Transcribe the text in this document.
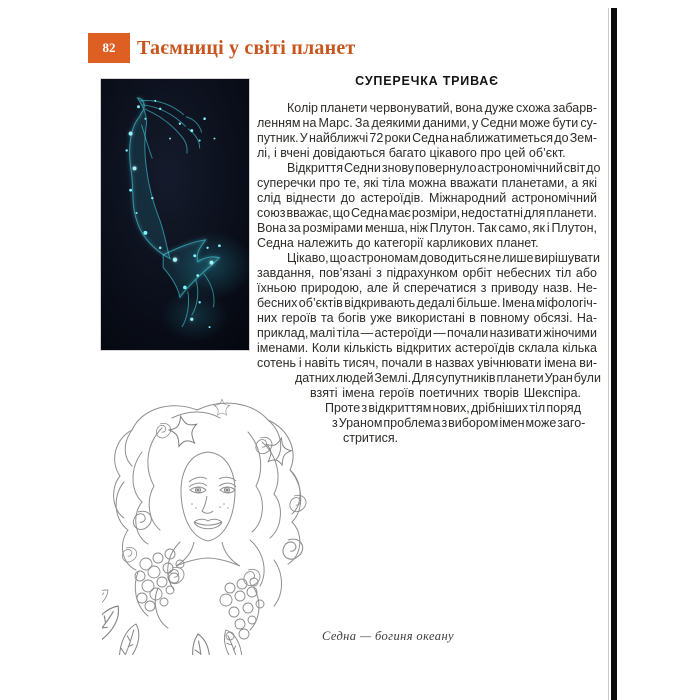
82 Таємниці у світі планет
СУПЕРЕЧКА ТРИВАЄ
Колір планети червонуватий, вона дуже схожа забарв-
ленням на Марс. За деякими даними, у Седни може бути су-
путник. У найближчі 72 роки Седна наближатиметься до Зем-
лі, і вчені довідаються багато цікавого про цей об’єкт.
Відкриття Седни знову повернуло астрономічний світ до
суперечки про те, які тіла можна вважати планетами, а які
слід віднести до астероїдів. Міжнародний астрономічний
союз вважає, що Седна має розміри, недостатні для планети.
Вона за розмірами менша, ніж Плутон. Так само, як і Плутон,
Седна належить до категорії карликових планет.
Цікаво, що астрономам доводиться не лише вирішувати
завдання, пов’язані з підрахунком орбіт небесних тіл або
їхньою природою, але й сперечатися з приводу назв. Не-
бесних об’єктів відкривають дедалі більше. Імена міфологіч-
них героїв та богів уже використані в повному обсязі. На-
приклад, малі тіла — астероїди — почали називати жіночими
іменами. Коли кількість відкритих астероїдів склала кілька
сотень і навіть тисяч, почали в назвах увічнювати імена ви-
датних людей Землі. Для супутників планети Уран були
взяті імена героїв поетичних творів Шекспіра.
Проте з відкриттям нових, дрібніших тіл поряд
з Ураном проблема з вибором імен може заго-
стритися.
Седна — богиня океану
